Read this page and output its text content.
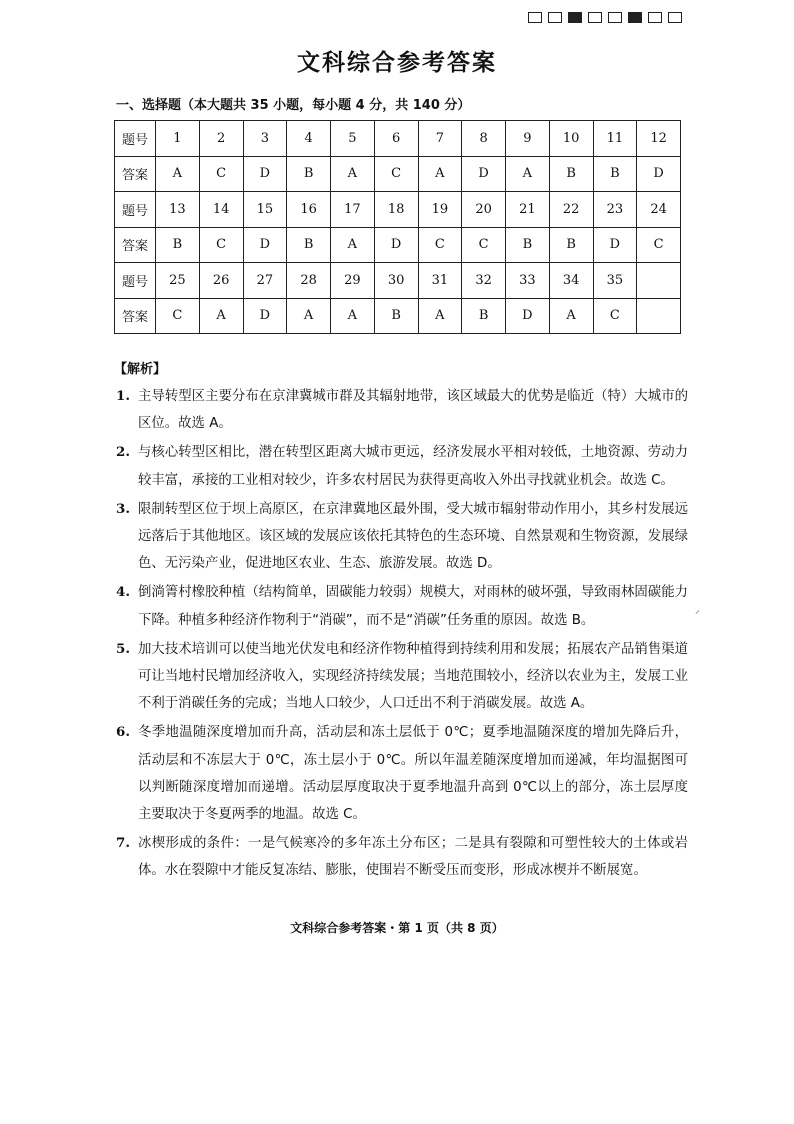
文科综合参考答案
一、选择题（本大题共 35 小题，每小题 4 分，共 140 分）
题号	1	2	3	4	5	6	7	8	9	10	11	12
答案	A	C	D	B	A	C	A	D	A	B	B	D
题号	13	14	15	16	17	18	19	20	21	22	23	24
答案	B	C	D	B	A	D	C	C	B	B	D	C
题号	25	26	27	28	29	30	31	32	33	34	35	
答案	C	A	D	A	A	B	A	B	D	A	C	
【解析】
1. 主导转型区主要分布在京津冀城市群及其辐射地带，该区域最大的优势是临近（特）大城市的区位。故选 A。
2. 与核心转型区相比，潜在转型区距离大城市更远，经济发展水平相对较低，土地资源、劳动力较丰富，承接的工业相对较少，许多农村居民为获得更高收入外出寻找就业机会。故选 C。
3. 限制转型区位于坝上高原区，在京津冀地区最外围，受大城市辐射带动作用小，其乡村发展远远落后于其他地区。该区域的发展应该依托其特色的生态环境、自然景观和生物资源，发展绿色、无污染产业，促进地区农业、生态、旅游发展。故选 D。
4. 倒淌箐村橡胶种植（结构简单，固碳能力较弱）规模大，对雨林的破坏强，导致雨林固碳能力下降。种植多种经济作物利于“消碳”，而不是“消碳”任务重的原因。故选 B。
5. 加大技术培训可以使当地光伏发电和经济作物种植得到持续利用和发展；拓展农产品销售渠道可让当地村民增加经济收入，实现经济持续发展；当地范围较小，经济以农业为主，发展工业不利于消碳任务的完成；当地人口较少，人口迁出不利于消碳发展。故选 A。
6. 冬季地温随深度增加而升高，活动层和冻土层低于 0℃；夏季地温随深度的增加先降后升，活动层和不冻层大于 0℃，冻土层小于 0℃。所以年温差随深度增加而递减，年均温据图可以判断随深度增加而递增。活动层厚度取决于夏季地温升高到 0℃以上的部分，冻土层厚度主要取决于冬夏两季的地温。故选 C。
7. 冰楔形成的条件：一是气候寒冷的多年冻土分布区；二是具有裂隙和可塑性较大的土体或岩体。水在裂隙中才能反复冻结、膨胀，使围岩不断受压而变形，形成冰楔并不断展宽。
⸝
文科综合参考答案・第 1 页（共 8 页）
